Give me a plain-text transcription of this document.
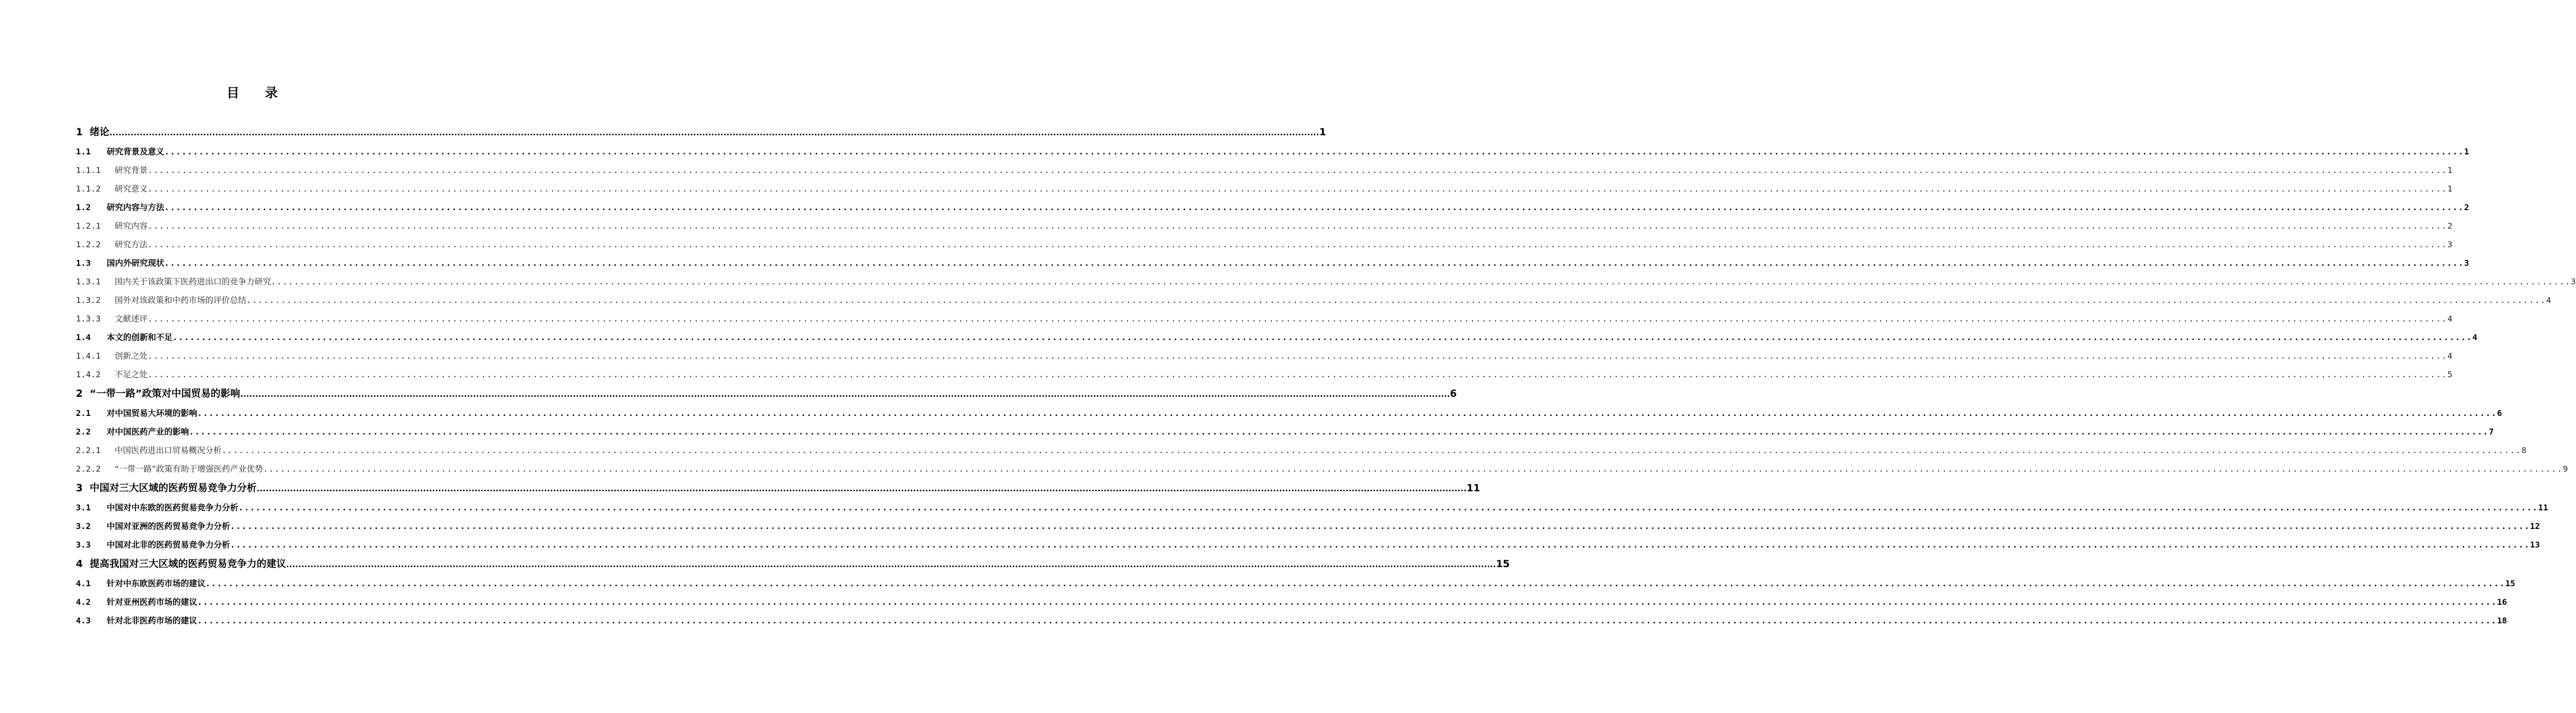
目 录
1 绪论 ................................................................................................................................................................................................................................................................................................................................................................................................................ 1
1.1	研究背景及意义 ................................................................................................................................................................................................................................................................................................................................................................................................................ 1
1.1.1	研究背景 ................................................................................................................................................................................................................................................................................................................................................................................................................ 1
1.1.2	研究意义 ................................................................................................................................................................................................................................................................................................................................................................................................................ 1
1.2	研究内容与方法 ................................................................................................................................................................................................................................................................................................................................................................................................................ 2
1.2.1	研究内容 ................................................................................................................................................................................................................................................................................................................................................................................................................ 2
1.2.2	研究方法 ................................................................................................................................................................................................................................................................................................................................................................................................................ 3
1.3	国内外研究现状 ................................................................................................................................................................................................................................................................................................................................................................................................................ 3
1.3.1	国内关于该政策下医药进出口的竞争力研究 ................................................................................................................................................................................................................................................................................................................................................................................................................ 3
1.3.2	国外对该政策和中药市场的评价总结 ................................................................................................................................................................................................................................................................................................................................................................................................................ 4
1.3.3	文献述评 ................................................................................................................................................................................................................................................................................................................................................................................................................ 4
1.4	本文的创新和不足 ................................................................................................................................................................................................................................................................................................................................................................................................................ 4
1.4.1	创新之处 ................................................................................................................................................................................................................................................................................................................................................................................................................ 4
1.4.2	不足之处 ................................................................................................................................................................................................................................................................................................................................................................................................................ 5
2 “一带一路”政策对中国贸易的影响 ................................................................................................................................................................................................................................................................................................................................................................................................................ 6
2.1	对中国贸易大环境的影响 ................................................................................................................................................................................................................................................................................................................................................................................................................ 6
2.2	对中国医药产业的影响 ................................................................................................................................................................................................................................................................................................................................................................................................................ 7
2.2.1	中国医药进出口贸易概况分析 ................................................................................................................................................................................................................................................................................................................................................................................................................ 8
2.2.2	“一带一路”政策有助于增强医药产业优势 ................................................................................................................................................................................................................................................................................................................................................................................................................ 9
3 中国对三大区域的医药贸易竞争力分析 ................................................................................................................................................................................................................................................................................................................................................................................................................ 11
3.1	中国对中东欧的医药贸易竞争力分析 ................................................................................................................................................................................................................................................................................................................................................................................................................ 11
3.2	中国对亚洲的医药贸易竞争力分析 ................................................................................................................................................................................................................................................................................................................................................................................................................ 12
3.3	中国对北非的医药贸易竞争力分析 ................................................................................................................................................................................................................................................................................................................................................................................................................ 13
4 提高我国对三大区域的医药贸易竞争力的建议 ................................................................................................................................................................................................................................................................................................................................................................................................................ 15
4.1	针对中东欧医药市场的建议 ................................................................................................................................................................................................................................................................................................................................................................................................................ 15
4.2	针对亚州医药市场的建议 ................................................................................................................................................................................................................................................................................................................................................................................................................ 16
4.3	针对北非医药市场的建议 ................................................................................................................................................................................................................................................................................................................................................................................................................ 18
